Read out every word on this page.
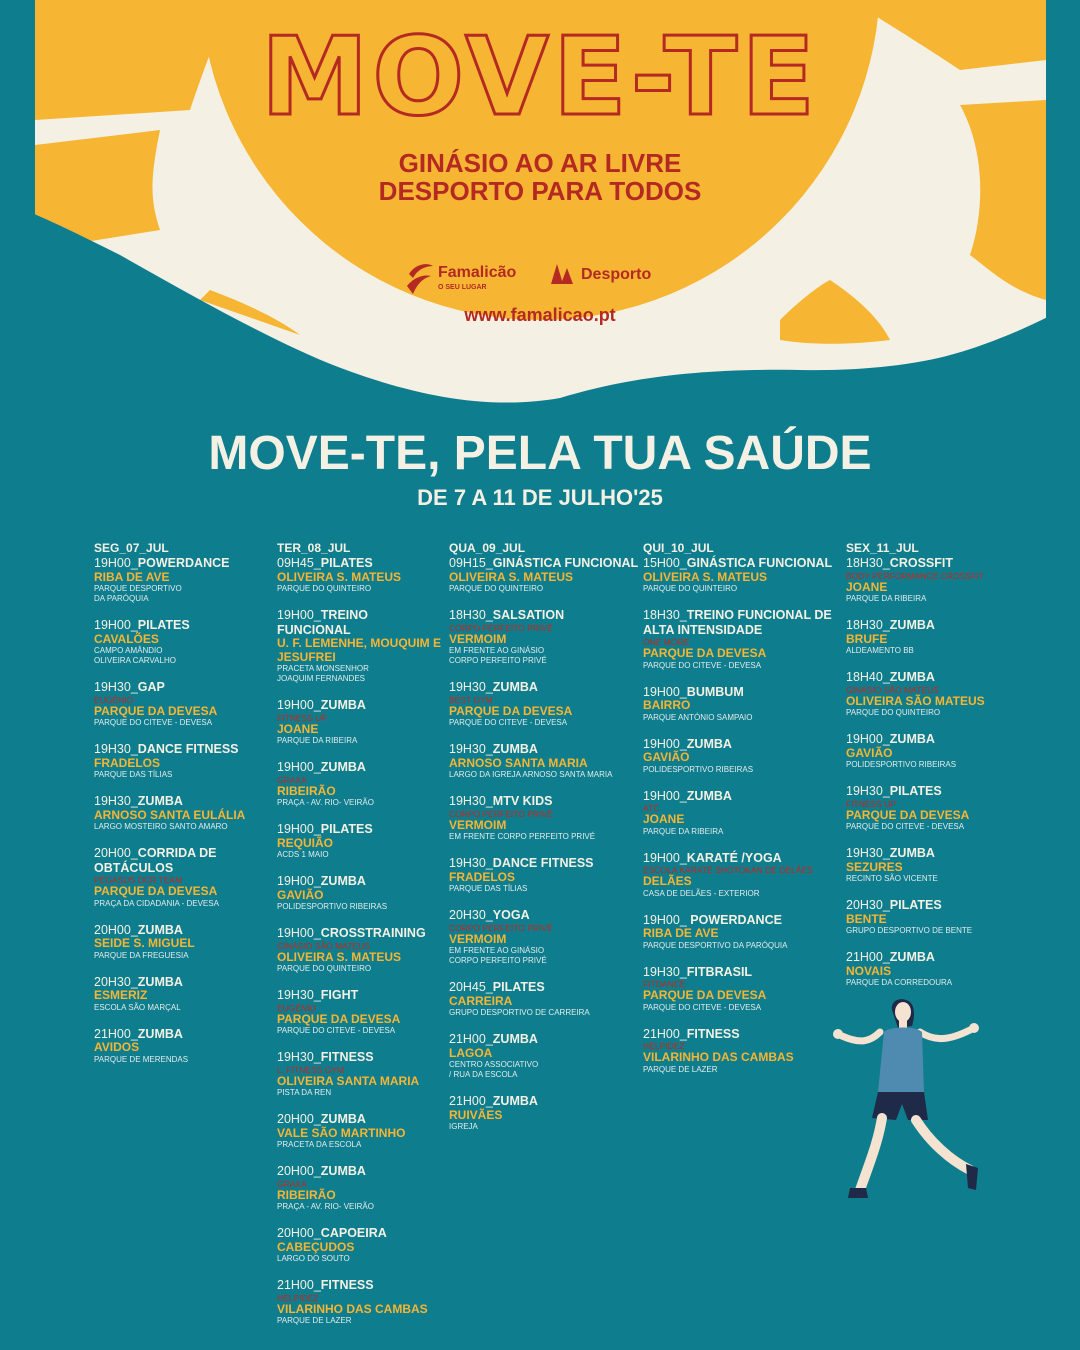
MOVE-TE
GINÁSIO AO AR LIVRE
DESPORTO PARA TODOS
Famalicão
O SEU LUGAR
Desporto
www.famalicao.pt
MOVE-TE, PELA TUA SAÚDE
DE 7 A 11 DE JULHO'25
SEG_07_JUL
19H00_POWERDANCE
RIBA DE AVE
PARQUE DESPORTIVO
DA PARÓQUIA
19H00_PILATES
CAVALÕES
CAMPO AMÂNDIO
OLIVEIRA CARVALHO
19H30_GAP
EUGÉNIO
PARQUE DA DEVESA
PARQUE DO CITEVE - DEVESA
19H30_DANCE FITNESS
FRADELOS
PARQUE DAS TÍLIAS
19H30_ZUMBA
ARNOSO SANTA EULÁLIA
LARGO MOSTEIRO SANTO AMARO
20H00_CORRIDA DE OBTÁCULOS
PEGASUS OCR TEAM
PARQUE DA DEVESA
PRAÇA DA CIDADANIA - DEVESA
20H00_ZUMBA
SEIDE S. MIGUEL
PARQUE DA FREGUESIA
20H30_ZUMBA
ESMERIZ
ESCOLA SÃO MARÇAL
21H00_ZUMBA
AVIDOS
PARQUE DE MERENDAS
TER_08_JUL
09H45_PILATES
OLIVEIRA S. MATEUS
PARQUE DO QUINTEIRO
19H00_TREINO FUNCIONAL
U. F. LEMENHE, MOUQUIM E JESUFREI
PRACETA MONSENHOR
JOAQUIM FERNANDES
19H00_ZUMBA
FITNESS UP
JOANE
PARQUE DA RIBEIRA
19H00_ZUMBA
GRAXA
RIBEIRÃO
PRAÇA - AV. RIO- VEIRÃO
19H00_PILATES
REQUIÃO
ACDS 1 MAIO
19H00_ZUMBA
GAVIÃO
POLIDESPORTIVO RIBEIRAS
19H00_CROSSTRAINING
GINÁSIO SÃO MATEUS
OLIVEIRA S. MATEUS
PARQUE DO QUINTEIRO
19H30_FIGHT
EUGÉNIO
PARQUE DA DEVESA
PARQUE DO CITEVE - DEVESA
19H30_FITNESS
L. FITNESS GYM
OLIVEIRA SANTA MARIA
PISTA DA REN
20H00_ZUMBA
VALE SÃO MARTINHO
PRACETA DA ESCOLA
20H00_ZUMBA
GRAXA
RIBEIRÃO
PRAÇA - AV. RIO- VEIRÃO
20H00_CAPOEIRA
CABEÇUDOS
LARGO DO SOUTO
21H00_FITNESS
HELPIDEZ
VILARINHO DAS CAMBAS
PARQUE DE LAZER
QUA_09_JUL
09H15_GINÁSTICA FUNCIONAL
OLIVEIRA S. MATEUS
PARQUE DO QUINTEIRO
18H30_SALSATION
CORPO PERFEITO PRIVÉ
VERMOIM
EM FRENTE AO GINÁSIO
CORPO PERFEITO PRIVÉ
19H30_ZUMBA
BEST GYM
PARQUE DA DEVESA
PARQUE DO CITEVE - DEVESA
19H30_ZUMBA
ARNOSO SANTA MARIA
LARGO DA IGREJA ARNOSO SANTA MARIA
19H30_MTV KIDS
CORPO PERFEITO PRIVÉ
VERMOIM
EM FRENTE CORPO PERFEITO PRIVÉ
19H30_DANCE FITNESS
FRADELOS
PARQUE DAS TÍLIAS
20H30_YOGA
CORPO PERFEITO PRIVÉ
VERMOIM
EM FRENTE AO GINÁSIO
CORPO PERFEITO PRIVÉ
20H45_PILATES
CARREIRA
GRUPO DESPORTIVO DE CARREIRA
21H00_ZUMBA
LAGOA
CENTRO ASSOCIATIVO
/ RUA DA ESCOLA
21H00_ZUMBA
RUIVÃES
IGREJA
QUI_10_JUL
15H00_GINÁSTICA FUNCIONAL
OLIVEIRA S. MATEUS
PARQUE DO QUINTEIRO
18H30_TREINO FUNCIONAL DE ALTA INTENSIDADE
ONE MORE
PARQUE DA DEVESA
PARQUE DO CITEVE - DEVESA
19H00_BUMBUM
BAIRRO
PARQUE ANTÓNIO SAMPAIO
19H00_ZUMBA
GAVIÃO
POLIDESPORTIVO RIBEIRAS
19H00_ZUMBA
ATC
JOANE
PARQUE DA RIBEIRA
19H00_KARATÉ /YOGA
ESCOLA KARATÉ SHOTOKAN DE DELÃES
DELÃES
CASA DE DELÃES - EXTERIOR
19H00_ POWERDANCE
RIBA DE AVE
PARQUE DESPORTIVO DA PARÓQUIA
19H30_FITBRASIL
FITDANCE
PARQUE DA DEVESA
PARQUE DO CITEVE - DEVESA
21H00_FITNESS
HELPIDEZ
VILARINHO DAS CAMBAS
PARQUE DE LAZER
SEX_11_JUL
18H30_CROSSFIT
BODY PERFORMANCE CROSSFIT
JOANE
PARQUE DA RIBEIRA
18H30_ZUMBA
BRUFE
ALDEAMENTO BB
18H40_ZUMBA
GINÁSIO SÃO MATEUS
OLIVEIRA SÃO MATEUS
PARQUE DO QUINTEIRO
19H00_ZUMBA
GAVIÃO
POLIDESPORTIVO RIBEIRAS
19H30_PILATES
FITNESS UP
PARQUE DA DEVESA
PARQUE DO CITEVE - DEVESA
19H30_ZUMBA
SEZURES
RECINTO SÃO VICENTE
20H30_PILATES
BENTE
GRUPO DESPORTIVO DE BENTE
21H00_ZUMBA
NOVAIS
PARQUE DA CORREDOURA
